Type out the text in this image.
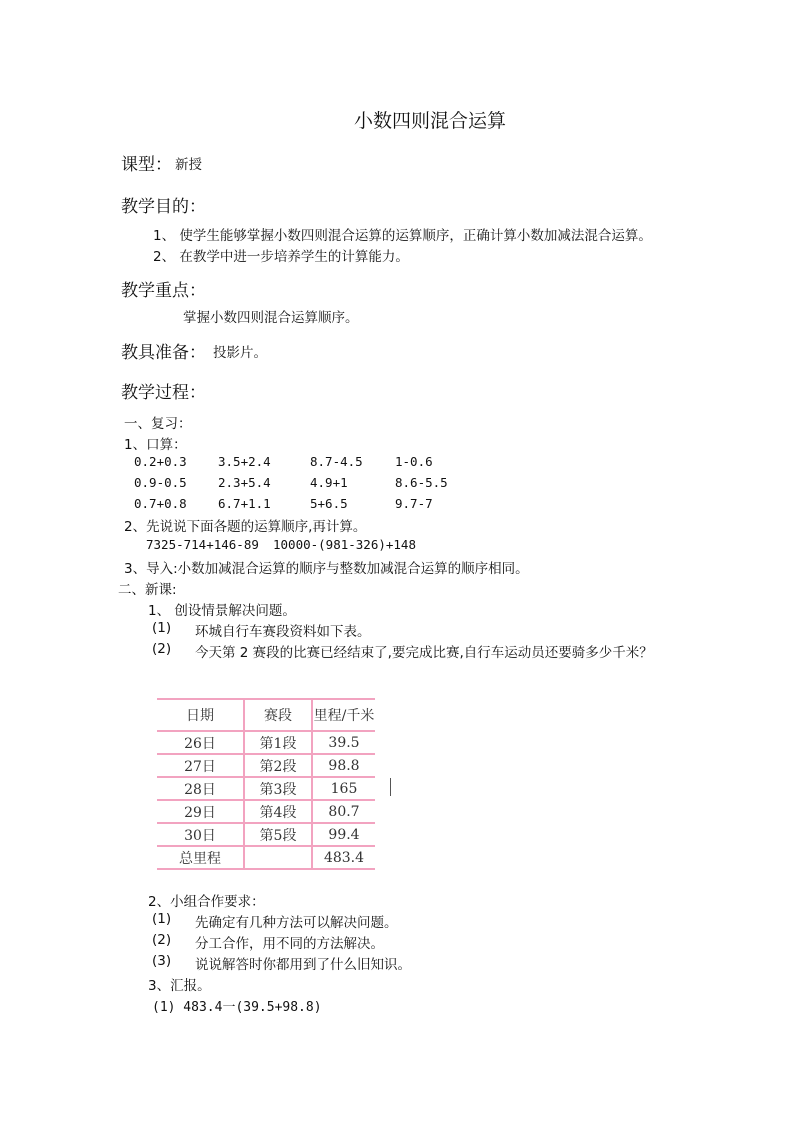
小数四则混合运算
课型： 新授
教学目的：
1、 使学生能够掌握小数四则混合运算的运算顺序，正确计算小数加减法混合运算。
2、 在教学中进一步培养学生的计算能力。
教学重点：
掌握小数四则混合运算顺序。
教具准备： 投影片。
教学过程：
一、复习：
1、口算：
0.2+0.3	3.5+2.4	8.7-4.5	1-0.6
0.9-0.5	2.3+5.4	4.9+1	8.6-5.5
0.7+0.8	6.7+1.1	5+6.5	9.7-7
2、先说说下面各题的运算顺序,再计算。
7325-714+146-89 10000-(981-326)+148
3、导入:小数加减混合运算的顺序与整数加减混合运算的顺序相同。
二、新课:
1、 创设情景解决问题。
(1) 环城自行车赛段资料如下表。
(2) 今天第 2 赛段的比赛已经结束了,要完成比赛,自行车运动员还要骑多少千米？
日期	赛段	里程/千米
26日	第1段	39.5
27日	第2段	98.8
28日	第3段	165
29日	第4段	80.7
30日	第5段	99.4
总里程		483.4
2、小组合作要求：
(1) 先确定有几种方法可以解决问题。
(2) 分工合作，用不同的方法解决。
(3) 说说解答时你都用到了什么旧知识。
3、汇报。
(1) 483.4一(39.5+98.8)
